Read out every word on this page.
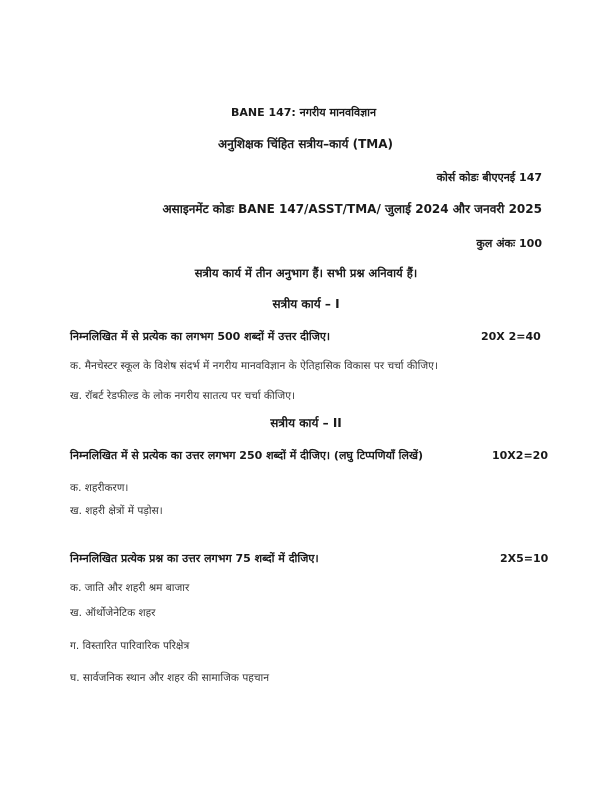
BANE 147: नगरीय मानवविज्ञान
अनुशिक्षक चिंहित सत्रीय–कार्य (TMA)
कोर्स कोडः बीएएनई 147
असाइनमेंट कोडः BANE 147/ASST/TMA/ जुलाई 2024 और जनवरी 2025
कुल अंकः 100
सत्रीय कार्य में तीन अनुभाग हैं। सभी प्रश्न अनिवार्य हैं।
सत्रीय कार्य – I
निम्नलिखित में से प्रत्येक का लगभग 500 शब्दों में उत्तर दीजिए।	20X 2=40
क. मैनचेस्टर स्कूल के विशेष संदर्भ में नगरीय मानवविज्ञान के ऐतिहासिक विकास पर चर्चा कीजिए।
ख. रॉबर्ट रेडफील्ड के लोक नगरीय सातत्य पर चर्चा कीजिए।
सत्रीय कार्य – II
निम्नलिखित में से प्रत्येक का उत्तर लगभग 250 शब्दों में दीजिए। (लघु टिप्पणियाँ लिखें)	10X2=20
क. शहरीकरण।
ख. शहरी क्षेत्रों में पड़ोस।
निम्नलिखित प्रत्येक प्रश्न का उत्तर लगभग 75 शब्दों में दीजिए।	2X5=10
क. जाति और शहरी श्रम बाजार
ख. ऑर्थोजेनेटिक शहर
ग. विस्तारित पारिवारिक परिक्षेत्र
घ. सार्वजनिक स्थान और शहर की सामाजिक पहचान
